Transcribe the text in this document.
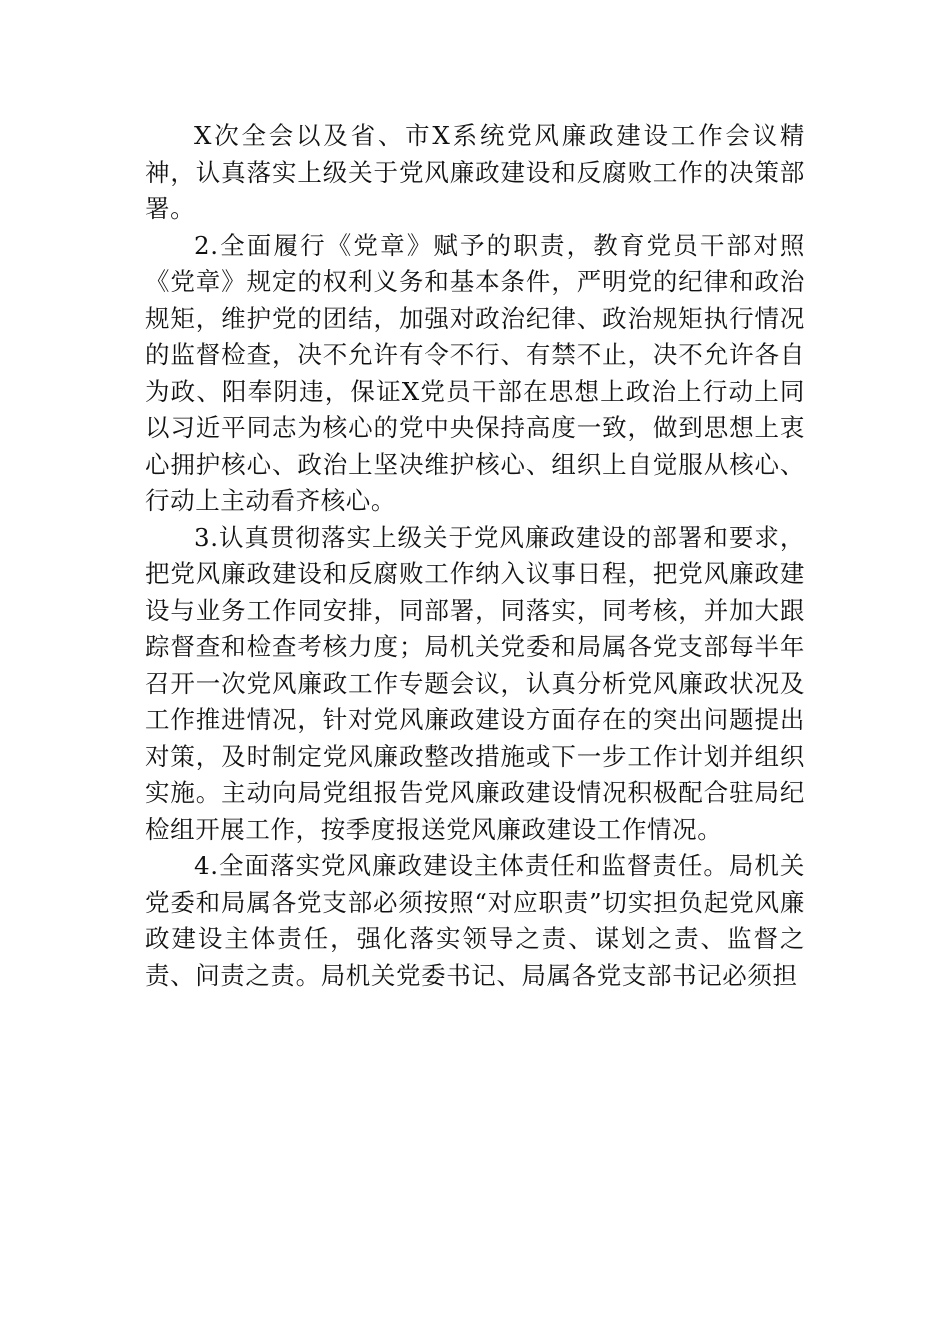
X次全会以及省、市X系统党风廉政建设工作会议精神，认真落实上级关于党风廉政建设和反腐败工作的决策部署。

2.全面履行《党章》赋予的职责，教育党员干部对照《党章》规定的权利义务和基本条件，严明党的纪律和政治规矩，维护党的团结，加强对政治纪律、政治规矩执行情况的监督检查，决不允许有令不行、有禁不止，决不允许各自为政、阳奉阴违，保证X党员干部在思想上政治上行动上同以习近平同志为核心的党中央保持高度一致，做到思想上衷心拥护核心、政治上坚决维护核心、组织上自觉服从核心、行动上主动看齐核心。

3.认真贯彻落实上级关于党风廉政建设的部署和要求，把党风廉政建设和反腐败工作纳入议事日程，把党风廉政建设与业务工作同安排，同部署，同落实，同考核，并加大跟踪督查和检查考核力度；局机关党委和局属各党支部每半年召开一次党风廉政工作专题会议，认真分析党风廉政状况及工作推进情况，针对党风廉政建设方面存在的突出问题提出对策，及时制定党风廉政整改措施或下一步工作计划并组织实施。主动向局党组报告党风廉政建设情况积极配合驻局纪检组开展工作，按季度报送党风廉政建设工作情况。

4.全面落实党风廉政建设主体责任和监督责任。局机关党委和局属各党支部必须按照“对应职责”切实担负起党风廉政建设主体责任，强化落实领导之责、谋划之责、监督之责、问责之责。局机关党委书记、局属各党支部书记必须担
